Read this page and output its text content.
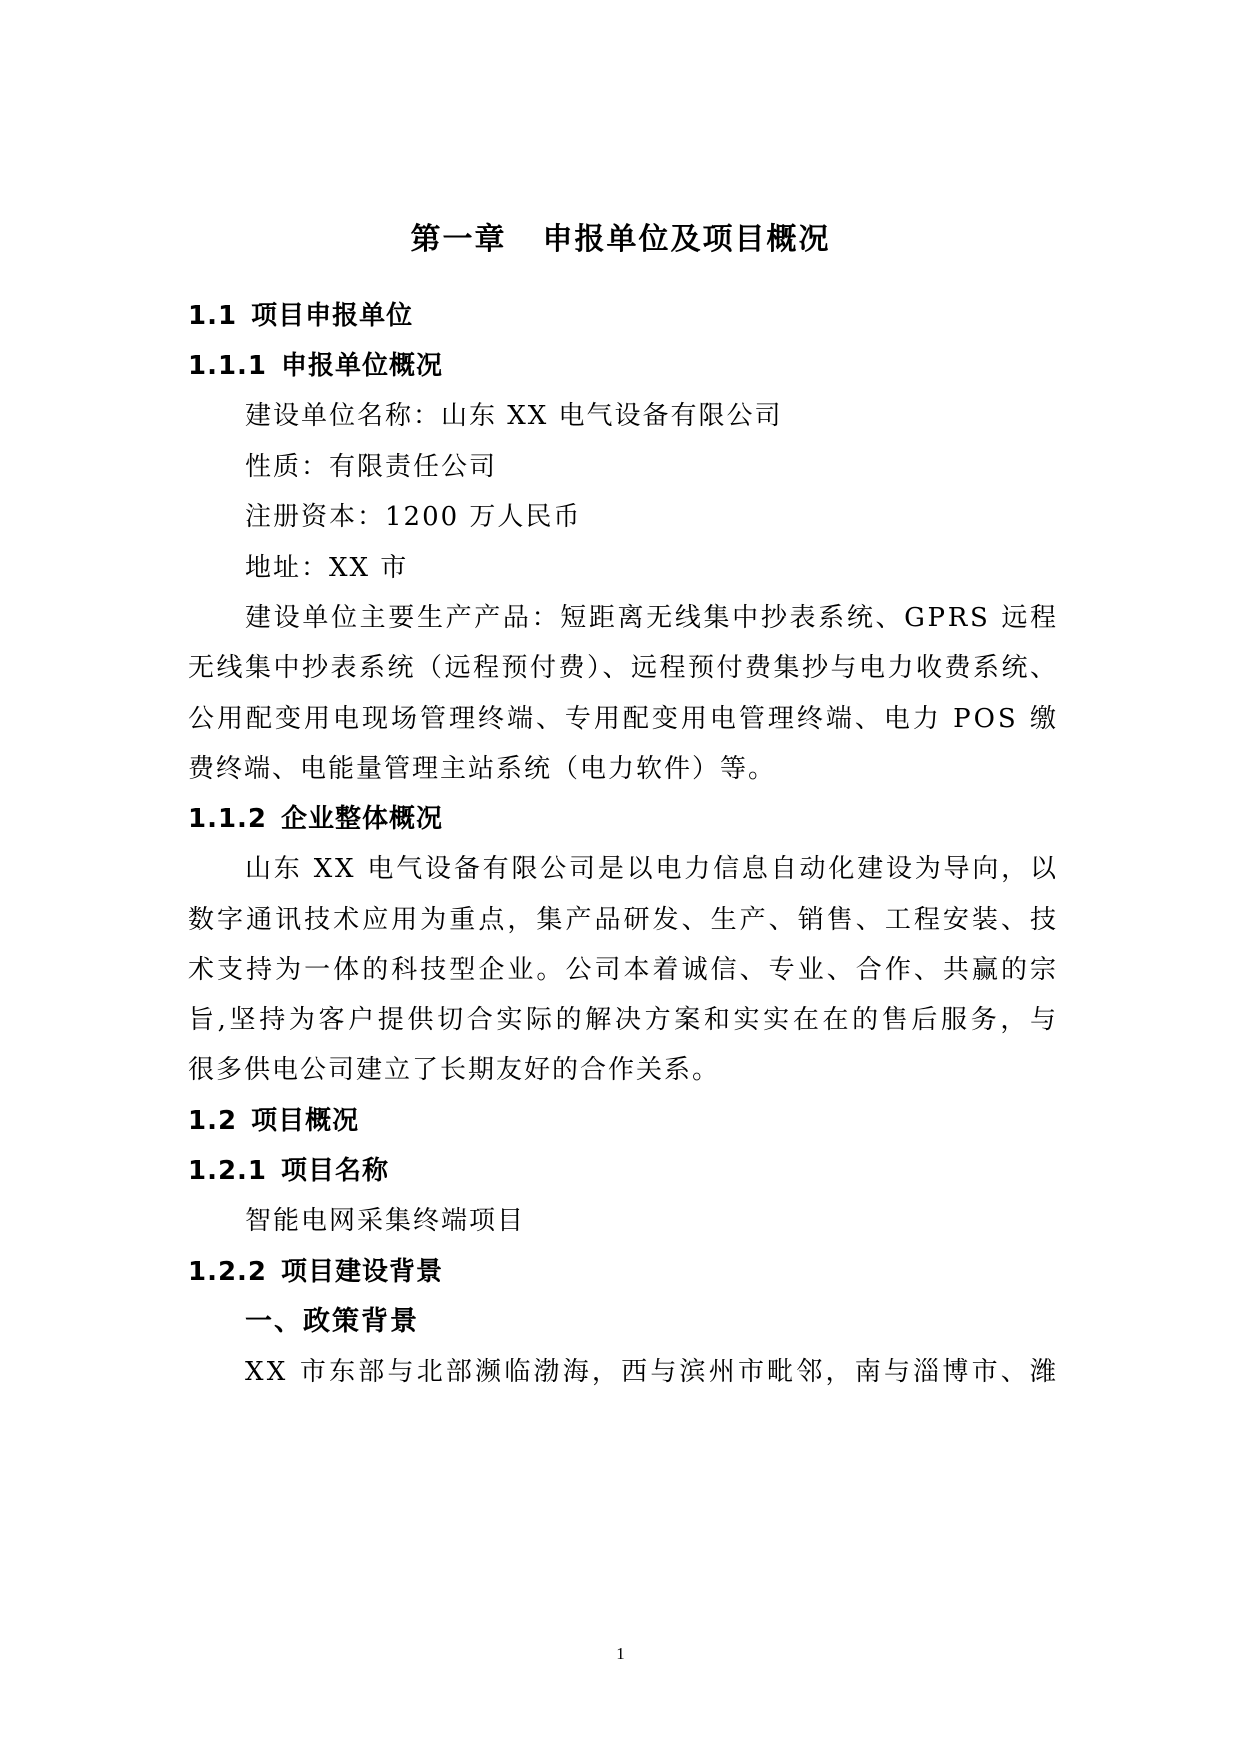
第一章 申报单位及项目概况
1.1 项目申报单位
1.1.1 申报单位概况
建设单位名称：山东 XX 电气设备有限公司
性质：有限责任公司
注册资本：1200 万人民币
地址：XX 市
建设单位主要生产产品：短距离无线集中抄表系统、GPRS 远程
无线集中抄表系统（远程预付费）、远程预付费集抄与电力收费系统、
公用配变用电现场管理终端、专用配变用电管理终端、电力 POS 缴
费终端、电能量管理主站系统（电力软件）等。
1.1.2 企业整体概况
山东 XX 电气设备有限公司是以电力信息自动化建设为导向，以
数字通讯技术应用为重点，集产品研发、生产、销售、工程安装、技
术支持为一体的科技型企业。公司本着诚信、专业、合作、共赢的宗
旨,坚持为客户提供切合实际的解决方案和实实在在的售后服务，与
很多供电公司建立了长期友好的合作关系。
1.2 项目概况
1.2.1 项目名称
智能电网采集终端项目
1.2.2 项目建设背景
一、政策背景
XX 市东部与北部濒临渤海，西与滨州市毗邻，南与淄博市、潍
1
